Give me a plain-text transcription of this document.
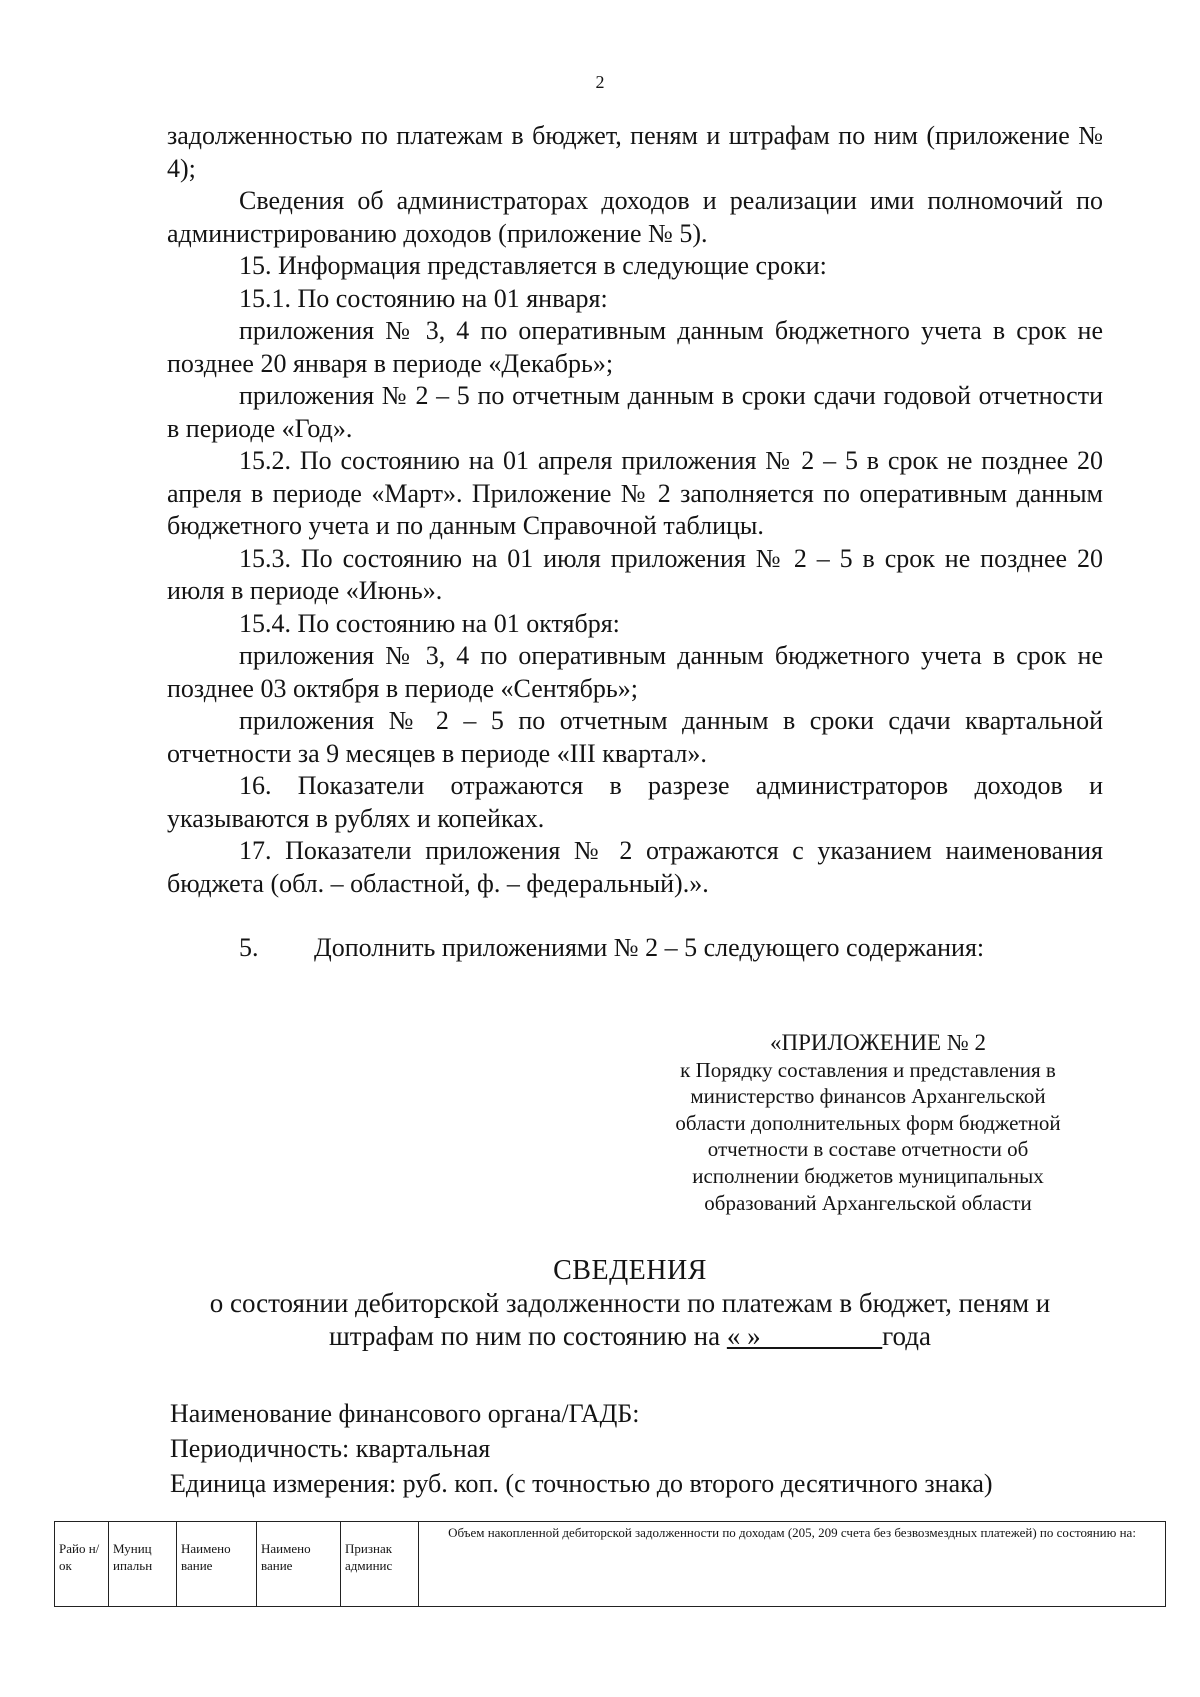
2

задолженностью по платежам в бюджет, пеням и штрафам по ним (приложение № 4);

Сведения об администраторах доходов и реализации ими полномочий по администрированию доходов (приложение № 5).

15. Информация представляется в следующие сроки:

15.1. По состоянию на 01 января:

приложения № 3, 4 по оперативным данным бюджетного учета в срок не позднее 20 января в периоде «Декабрь»;

приложения № 2 – 5 по отчетным данным в сроки сдачи годовой отчетности в периоде «Год».

15.2. По состоянию на 01 апреля приложения № 2 – 5 в срок не позднее 20 апреля в периоде «Март». Приложение № 2 заполняется по оперативным данным бюджетного учета и по данным Справочной таблицы.

15.3. По состоянию на 01 июля приложения № 2 – 5 в срок не позднее 20 июля в периоде «Июнь».

15.4. По состоянию на 01 октября:

приложения № 3, 4 по оперативным данным бюджетного учета в срок не позднее 03 октября в периоде «Сентябрь»;

приложения № 2 – 5 по отчетным данным в сроки сдачи квартальной отчетности за 9 месяцев в периоде «III квартал».

16. Показатели отражаются в разрезе администраторов доходов и указываются в рублях и копейках.

17. Показатели приложения № 2 отражаются с указанием наименования бюджета (обл. – областной, ф. – федеральный).».

5. Дополнить приложениями № 2 – 5 следующего содержания:

«ПРИЛОЖЕНИЕ № 2
к Порядку составления и представления в
министерство финансов Архангельской
области дополнительных форм бюджетной
отчетности в составе отчетности об
исполнении бюджетов муниципальных
образований Архангельской области
СВЕДЕНИЯ
о состоянии дебиторской задолженности по платежам в бюджет, пеням и
штрафам по ним по состоянию на « »_________года
Наименование финансового органа/ГАДБ:
Периодичность: квартальная
Единица измерения: руб. коп. (с точностью до второго десятичного знака)
Райо н/ок	Муниц ипальн	Наимено вание	Наимено вание	Признак админис	Объем накопленной дебиторской задолженности по доходам (205, 209 счета без безвозмездных платежей) по состоянию на:
